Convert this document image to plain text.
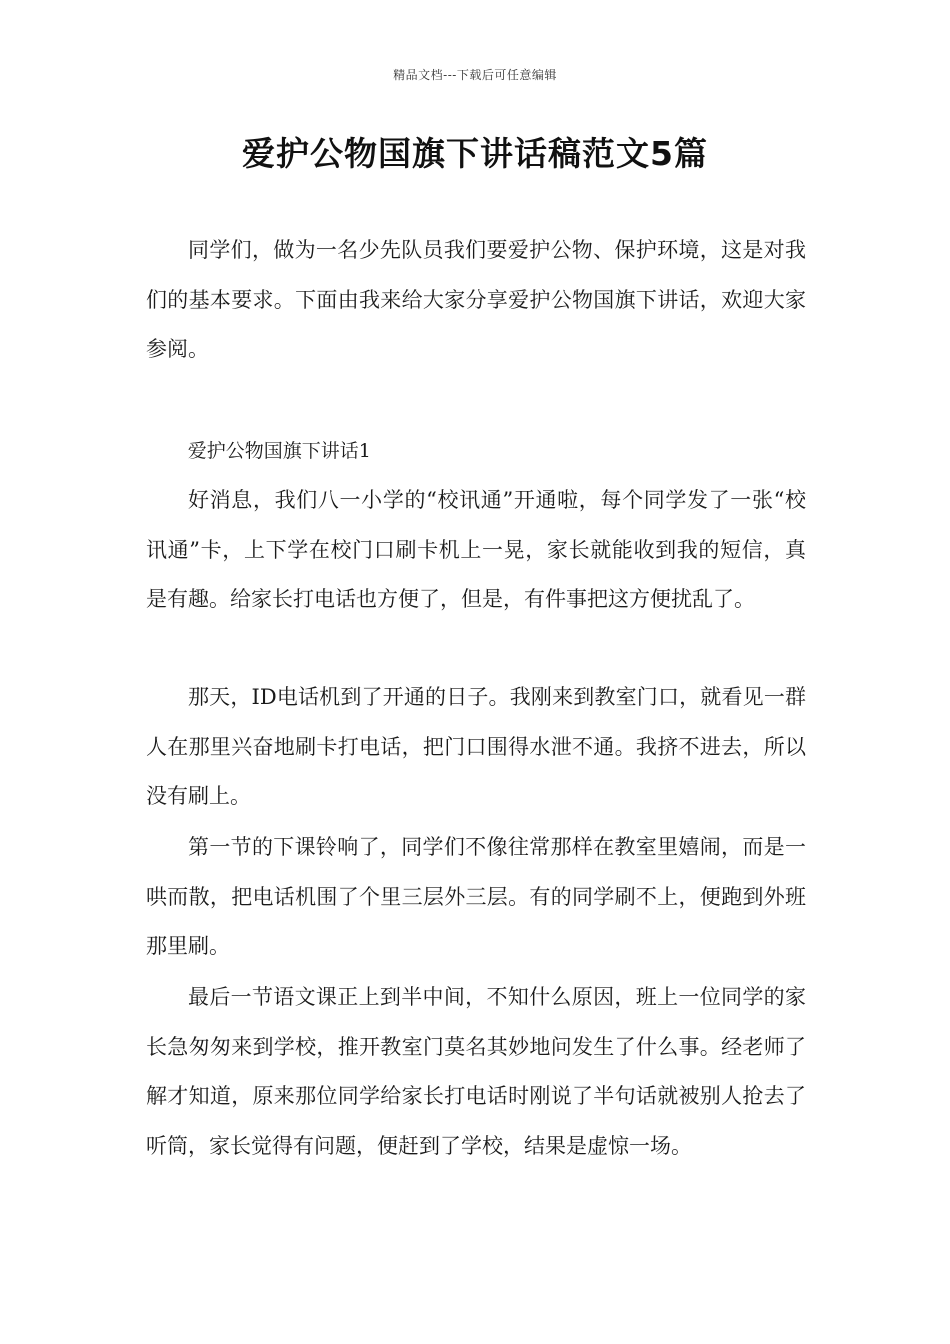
精品文档---下载后可任意编辑
爱护公物国旗下讲话稿范文5篇

同学们，做为一名少先队员我们要爱护公物、保护环境，这是对我们的基本要求。下面由我来给大家分享爱护公物国旗下讲话，欢迎大家参阅。

爱护公物国旗下讲话1

好消息，我们八一小学的“校讯通”开通啦，每个同学发了一张“校讯通”卡，上下学在校门口刷卡机上一晃，家长就能收到我的短信，真是有趣。给家长打电话也方便了，但是，有件事把这方便扰乱了。

那天，ID电话机到了开通的日子。我刚来到教室门口，就看见一群人在那里兴奋地刷卡打电话，把门口围得水泄不通。我挤不进去，所以没有刷上。

第一节的下课铃响了，同学们不像往常那样在教室里嬉闹，而是一哄而散，把电话机围了个里三层外三层。有的同学刷不上，便跑到外班那里刷。

最后一节语文课正上到半中间，不知什么原因，班上一位同学的家长急匆匆来到学校，推开教室门莫名其妙地问发生了什么事。经老师了解才知道，原来那位同学给家长打电话时刚说了半句话就被别人抢去了听筒，家长觉得有问题，便赶到了学校，结果是虚惊一场。
